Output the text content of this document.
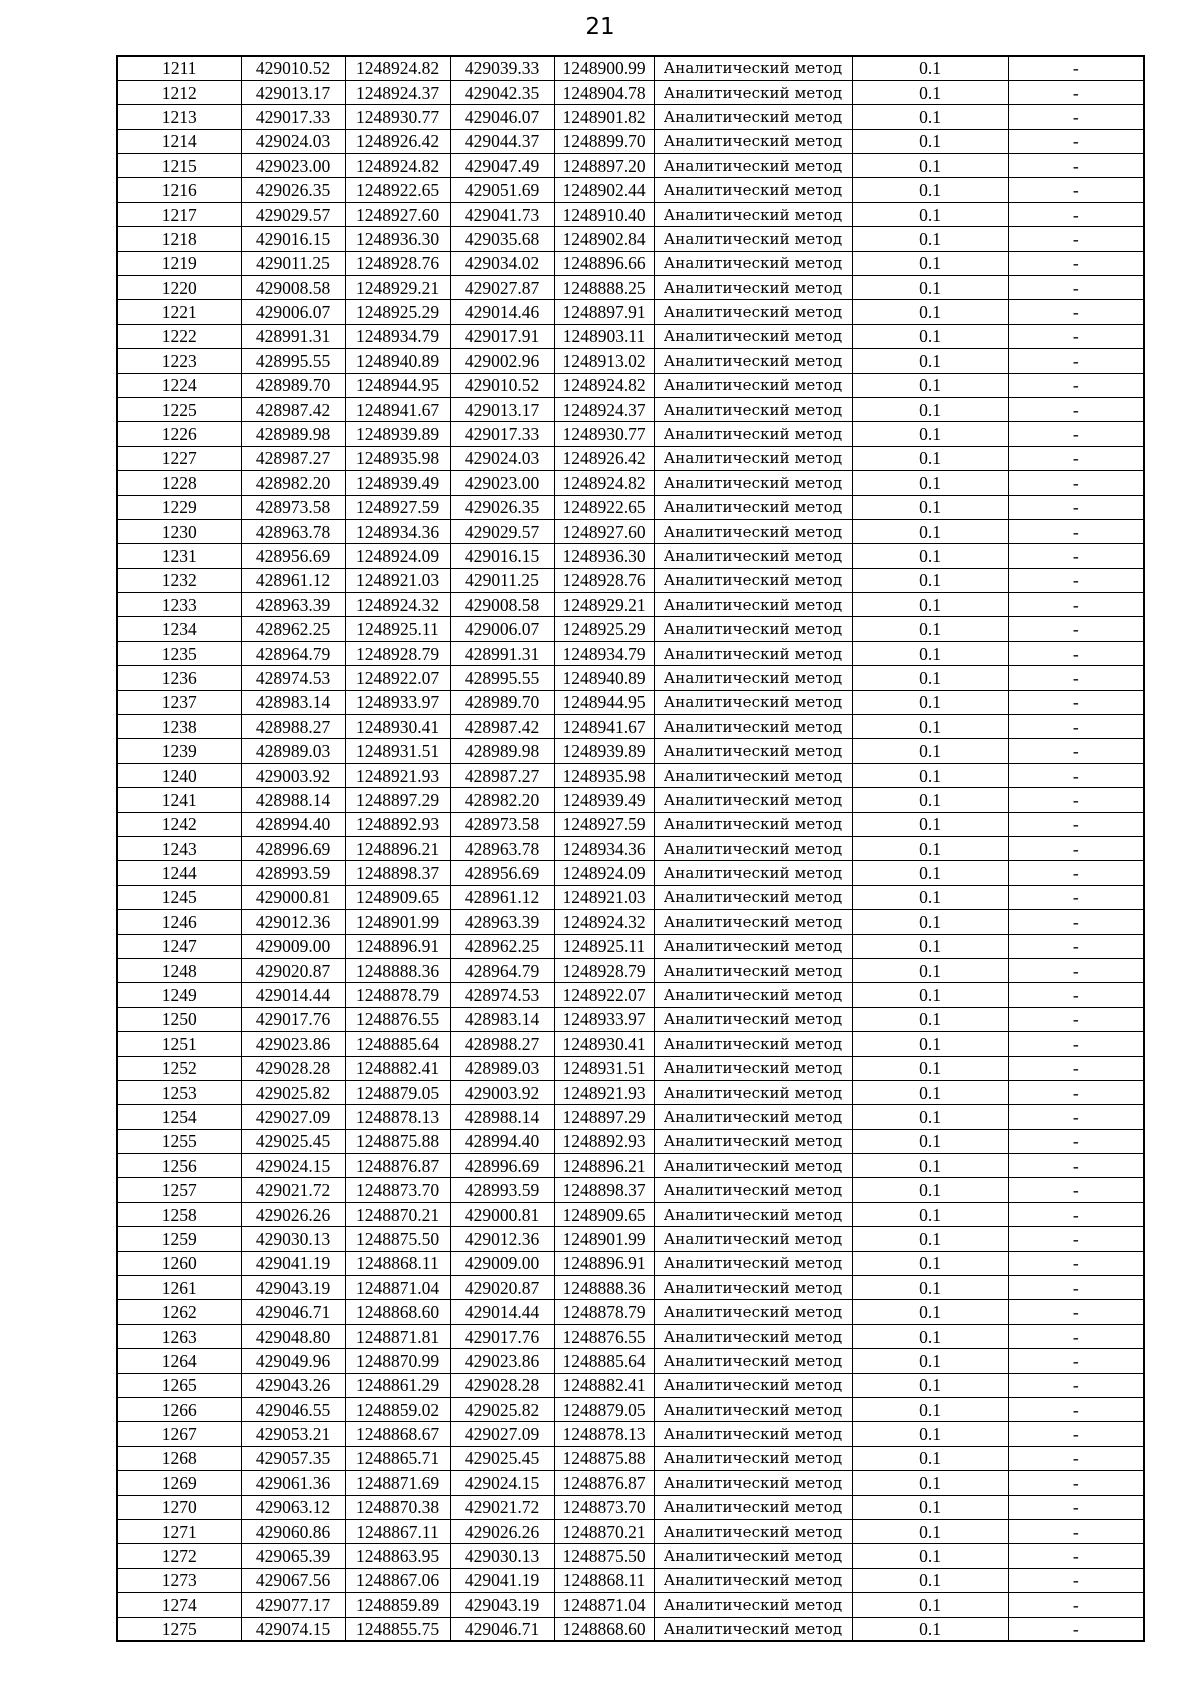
21
1211	429010.52	1248924.82	429039.33	1248900.99	Аналитический метод	0.1	-
1212	429013.17	1248924.37	429042.35	1248904.78	Аналитический метод	0.1	-
1213	429017.33	1248930.77	429046.07	1248901.82	Аналитический метод	0.1	-
1214	429024.03	1248926.42	429044.37	1248899.70	Аналитический метод	0.1	-
1215	429023.00	1248924.82	429047.49	1248897.20	Аналитический метод	0.1	-
1216	429026.35	1248922.65	429051.69	1248902.44	Аналитический метод	0.1	-
1217	429029.57	1248927.60	429041.73	1248910.40	Аналитический метод	0.1	-
1218	429016.15	1248936.30	429035.68	1248902.84	Аналитический метод	0.1	-
1219	429011.25	1248928.76	429034.02	1248896.66	Аналитический метод	0.1	-
1220	429008.58	1248929.21	429027.87	1248888.25	Аналитический метод	0.1	-
1221	429006.07	1248925.29	429014.46	1248897.91	Аналитический метод	0.1	-
1222	428991.31	1248934.79	429017.91	1248903.11	Аналитический метод	0.1	-
1223	428995.55	1248940.89	429002.96	1248913.02	Аналитический метод	0.1	-
1224	428989.70	1248944.95	429010.52	1248924.82	Аналитический метод	0.1	-
1225	428987.42	1248941.67	429013.17	1248924.37	Аналитический метод	0.1	-
1226	428989.98	1248939.89	429017.33	1248930.77	Аналитический метод	0.1	-
1227	428987.27	1248935.98	429024.03	1248926.42	Аналитический метод	0.1	-
1228	428982.20	1248939.49	429023.00	1248924.82	Аналитический метод	0.1	-
1229	428973.58	1248927.59	429026.35	1248922.65	Аналитический метод	0.1	-
1230	428963.78	1248934.36	429029.57	1248927.60	Аналитический метод	0.1	-
1231	428956.69	1248924.09	429016.15	1248936.30	Аналитический метод	0.1	-
1232	428961.12	1248921.03	429011.25	1248928.76	Аналитический метод	0.1	-
1233	428963.39	1248924.32	429008.58	1248929.21	Аналитический метод	0.1	-
1234	428962.25	1248925.11	429006.07	1248925.29	Аналитический метод	0.1	-
1235	428964.79	1248928.79	428991.31	1248934.79	Аналитический метод	0.1	-
1236	428974.53	1248922.07	428995.55	1248940.89	Аналитический метод	0.1	-
1237	428983.14	1248933.97	428989.70	1248944.95	Аналитический метод	0.1	-
1238	428988.27	1248930.41	428987.42	1248941.67	Аналитический метод	0.1	-
1239	428989.03	1248931.51	428989.98	1248939.89	Аналитический метод	0.1	-
1240	429003.92	1248921.93	428987.27	1248935.98	Аналитический метод	0.1	-
1241	428988.14	1248897.29	428982.20	1248939.49	Аналитический метод	0.1	-
1242	428994.40	1248892.93	428973.58	1248927.59	Аналитический метод	0.1	-
1243	428996.69	1248896.21	428963.78	1248934.36	Аналитический метод	0.1	-
1244	428993.59	1248898.37	428956.69	1248924.09	Аналитический метод	0.1	-
1245	429000.81	1248909.65	428961.12	1248921.03	Аналитический метод	0.1	-
1246	429012.36	1248901.99	428963.39	1248924.32	Аналитический метод	0.1	-
1247	429009.00	1248896.91	428962.25	1248925.11	Аналитический метод	0.1	-
1248	429020.87	1248888.36	428964.79	1248928.79	Аналитический метод	0.1	-
1249	429014.44	1248878.79	428974.53	1248922.07	Аналитический метод	0.1	-
1250	429017.76	1248876.55	428983.14	1248933.97	Аналитический метод	0.1	-
1251	429023.86	1248885.64	428988.27	1248930.41	Аналитический метод	0.1	-
1252	429028.28	1248882.41	428989.03	1248931.51	Аналитический метод	0.1	-
1253	429025.82	1248879.05	429003.92	1248921.93	Аналитический метод	0.1	-
1254	429027.09	1248878.13	428988.14	1248897.29	Аналитический метод	0.1	-
1255	429025.45	1248875.88	428994.40	1248892.93	Аналитический метод	0.1	-
1256	429024.15	1248876.87	428996.69	1248896.21	Аналитический метод	0.1	-
1257	429021.72	1248873.70	428993.59	1248898.37	Аналитический метод	0.1	-
1258	429026.26	1248870.21	429000.81	1248909.65	Аналитический метод	0.1	-
1259	429030.13	1248875.50	429012.36	1248901.99	Аналитический метод	0.1	-
1260	429041.19	1248868.11	429009.00	1248896.91	Аналитический метод	0.1	-
1261	429043.19	1248871.04	429020.87	1248888.36	Аналитический метод	0.1	-
1262	429046.71	1248868.60	429014.44	1248878.79	Аналитический метод	0.1	-
1263	429048.80	1248871.81	429017.76	1248876.55	Аналитический метод	0.1	-
1264	429049.96	1248870.99	429023.86	1248885.64	Аналитический метод	0.1	-
1265	429043.26	1248861.29	429028.28	1248882.41	Аналитический метод	0.1	-
1266	429046.55	1248859.02	429025.82	1248879.05	Аналитический метод	0.1	-
1267	429053.21	1248868.67	429027.09	1248878.13	Аналитический метод	0.1	-
1268	429057.35	1248865.71	429025.45	1248875.88	Аналитический метод	0.1	-
1269	429061.36	1248871.69	429024.15	1248876.87	Аналитический метод	0.1	-
1270	429063.12	1248870.38	429021.72	1248873.70	Аналитический метод	0.1	-
1271	429060.86	1248867.11	429026.26	1248870.21	Аналитический метод	0.1	-
1272	429065.39	1248863.95	429030.13	1248875.50	Аналитический метод	0.1	-
1273	429067.56	1248867.06	429041.19	1248868.11	Аналитический метод	0.1	-
1274	429077.17	1248859.89	429043.19	1248871.04	Аналитический метод	0.1	-
1275	429074.15	1248855.75	429046.71	1248868.60	Аналитический метод	0.1	-
